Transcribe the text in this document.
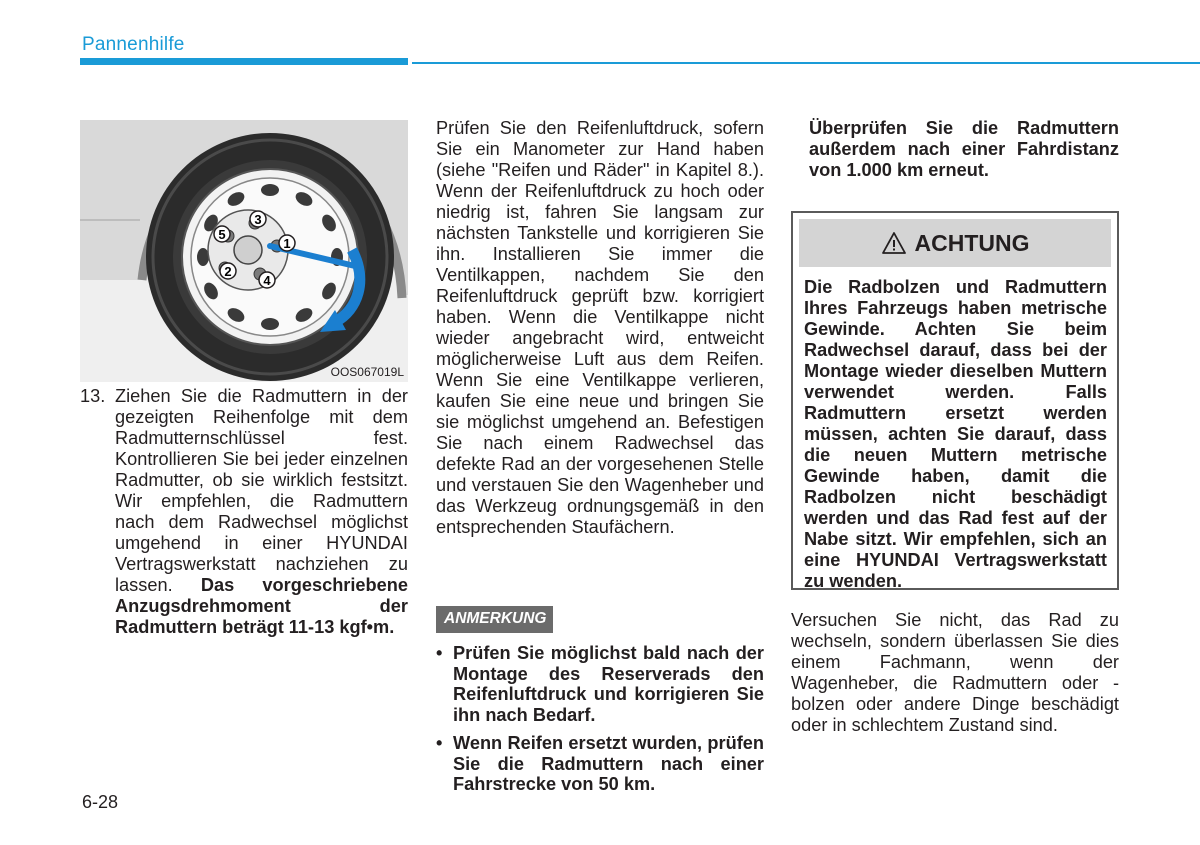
Pannenhilfe
1
2
3
4
5
OOS067019L
13. Ziehen Sie die Radmuttern in der gezeigten Reihenfolge mit dem Radmutternschlüssel fest. Kontrollieren Sie bei jeder einzelnen Radmutter, ob sie wirklich festsitzt. Wir empfehlen, die Radmuttern nach dem Radwechsel möglichst umgehend in einer HYUNDAI Vertragswerkstatt nachziehen zu lassen. Das vorgeschriebene Anzugsdrehmoment der Radmuttern beträgt 11-13 kgf•m.
Prüfen Sie den Reifenluftdruck, sofern Sie ein Manometer zur Hand haben (siehe "Reifen und Räder" in Kapitel 8.). Wenn der Reifenluftdruck zu hoch oder niedrig ist, fahren Sie langsam zur nächsten Tankstelle und korrigieren Sie ihn. Installieren Sie immer die Ventilkappen, nachdem Sie den Reifenluftdruck geprüft bzw. korrigiert haben. Wenn die Ventilkappe nicht wieder angebracht wird, entweicht möglicherweise Luft aus dem Reifen. Wenn Sie eine Ventilkappe verlieren, kaufen Sie eine neue und bringen Sie sie möglichst umgehend an. Befestigen Sie nach einem Radwechsel das defekte Rad an der vorgesehenen Stelle und verstauen Sie den Wagenheber und das Werkzeug ordnungsgemäß in den entsprechenden Staufächern.
ANMERKUNG
• Prüfen Sie möglichst bald nach der Montage des Reserverads den Reifenluftdruck und korrigieren Sie ihn nach Bedarf.
• Wenn Reifen ersetzt wurden, prüfen Sie die Radmuttern nach einer Fahrstrecke von 50 km.
Überprüfen Sie die Radmuttern außerdem nach einer Fahrdistanz von 1.000 km erneut.
ACHTUNG
Die Radbolzen und Radmuttern Ihres Fahrzeugs haben metrische Gewinde. Achten Sie beim Radwechsel darauf, dass bei der Montage wieder dieselben Muttern verwendet werden. Falls Radmuttern ersetzt werden müssen, achten Sie darauf, dass die neuen Muttern metrische Gewinde haben, damit die Radbolzen nicht beschädigt werden und das Rad fest auf der Nabe sitzt. Wir empfehlen, sich an eine HYUNDAI Vertragswerkstatt zu wenden.
Versuchen Sie nicht, das Rad zu wechseln, sondern überlassen Sie dies einem Fachmann, wenn der Wagenheber, die Radmuttern oder -bolzen oder andere Dinge beschädigt oder in schlechtem Zustand sind.
6-28
